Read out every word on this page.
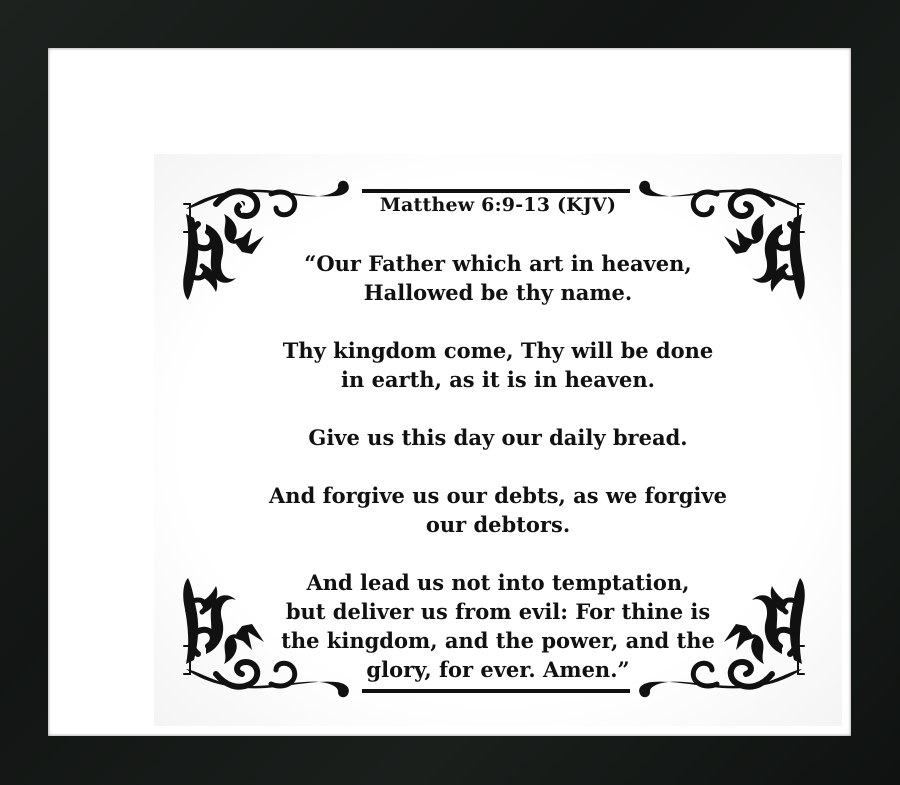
Matthew 6:9-13 (KJV)

“Our Father which art in heaven,
Hallowed be thy name.

Thy kingdom come, Thy will be done
in earth, as it is in heaven.

Give us this day our daily bread.

And forgive us our debts, as we forgive
our debtors.

And lead us not into temptation,
but deliver us from evil: For thine is
the kingdom, and the power, and the
glory, for ever. Amen.”
